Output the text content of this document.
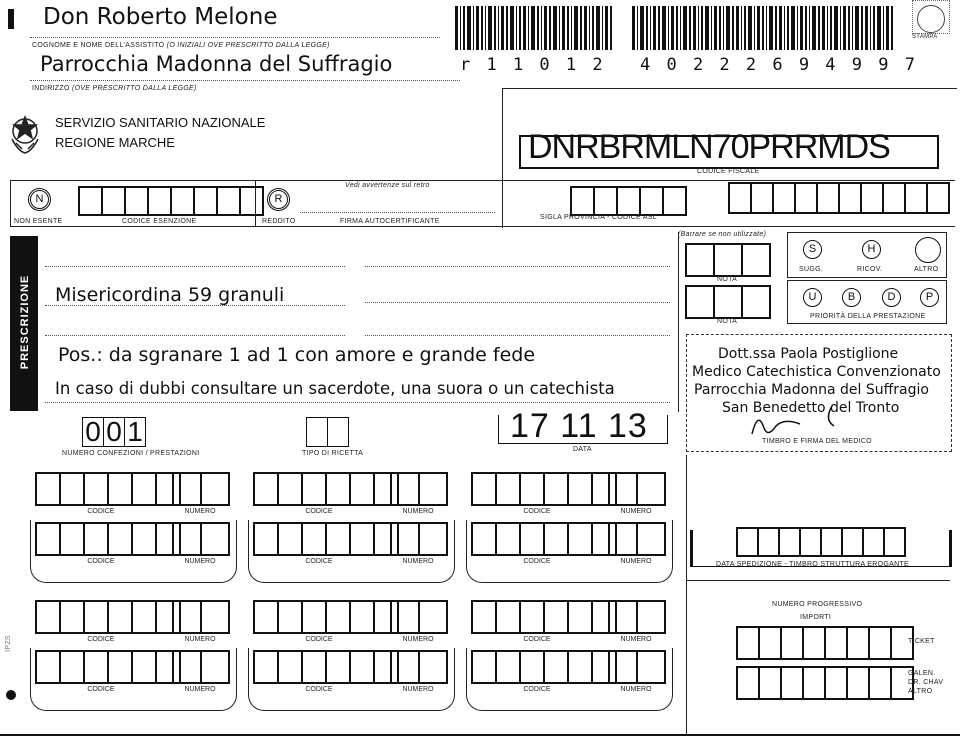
Don Roberto Melone
COGNOME E NOME DELL'ASSISTITO (O INIZIALI OVE PRESCRITTO DALLA LEGGE)
Parrocchia Madonna del Suffragio
INDIRIZZO (OVE PRESCRITTO DALLA LEGGE)
r 1 1 0 1 2 4 0 2 2 2 6 9 4 9 9 7
STAMPA
SERVIZIO SANITARIO NAZIONALE
REGIONE MARCHE	DNRBRMLN70PRRMDS
CODICE FISCALE
N
NON ESENTE	CODICE ESENZIONE
R
REDDITO
Vedi avvertenze sul retro
FIRMA AUTOCERTIFICANTE
SIGLA PROVINCIA - CODICE ASL
PRESCRIZIONE Misericordina 59 granuli
Pos.: da sgranare 1 ad 1 con amore e grande fede
In caso di dubbi consultare un sacerdote, una suora o un catechista
(Barrare se non utilizzate)
NOTA
NOTA
S	H
SUGG.	RICOV.	ALTRO
U	B	D	P
PRIORITÀ DELLA PRESTAZIONE
Dott.ssa Paola Postiglione
Medico Catechistica Convenzionato
Parrocchia Madonna del Suffragio
San Benedetto del Tronto
TIMBRO E FIRMA DEL MEDICO
0 0 1
NUMERO CONFEZIONI / PRESTAZIONI	TIPO DI RICETTA
17 11 13
DATA
CODICE	NUMERO
CODICE	NUMERO
CODICE	NUMERO
CODICE	NUMERO
CODICE	NUMERO
CODICE	NUMERO
CODICE	NUMERO
CODICE	NUMERO
CODICE	NUMERO
CODICE	NUMERO
CODICE	NUMERO
CODICE	NUMERO
DATA SPEDIZIONE - TIMBRO STRUTTURA EROGANTE
NUMERO PROGRESSIVO
IMPORTI
TICKET
GALEN.
DR. CHAV
ALTRO
IPZS
